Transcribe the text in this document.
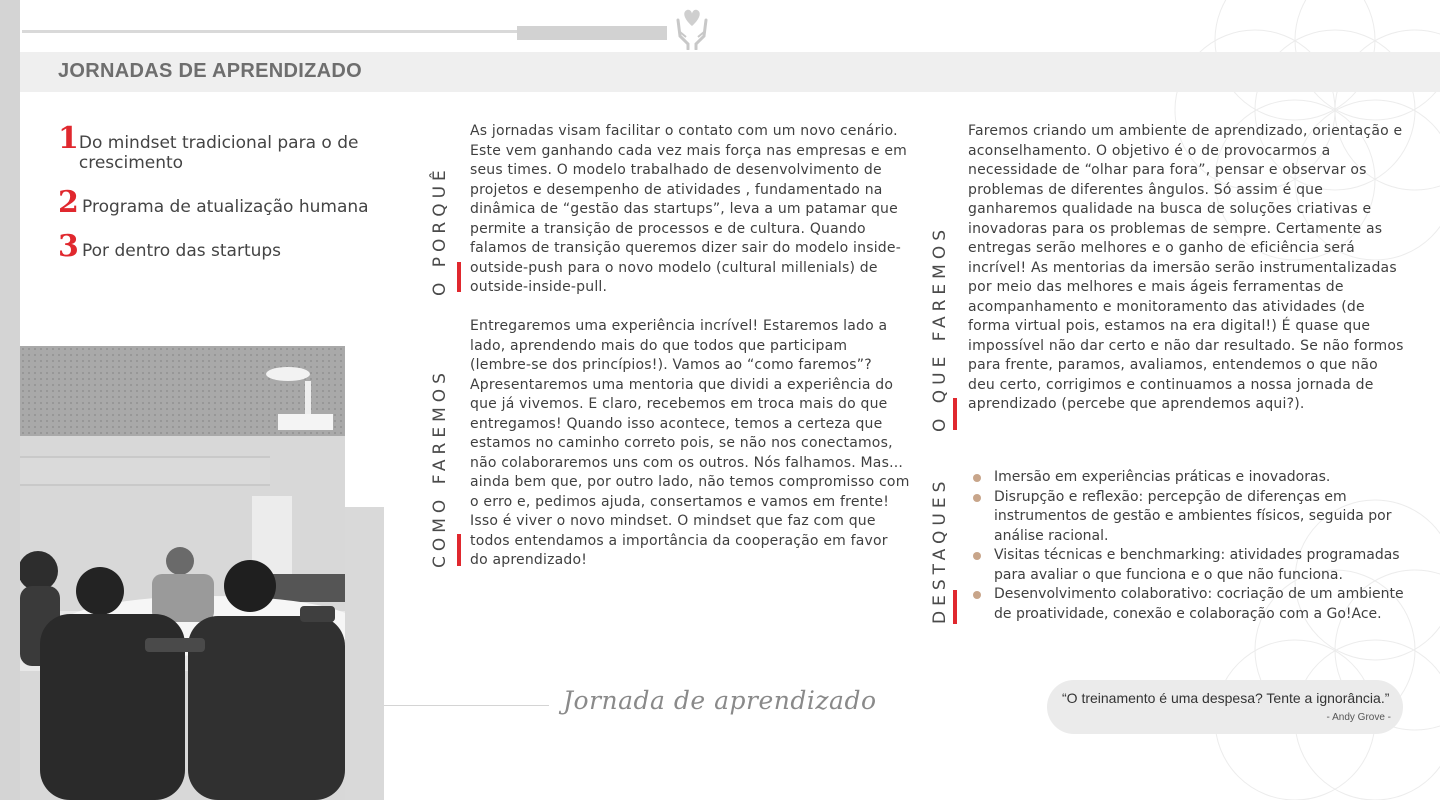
JORNADAS DE APRENDIZADO
1 Do mindset tradicional para o de crescimento
2 Programa de atualização humana
3 Por dentro das startups	O PORQUÊ
As jornadas visam facilitar o contato com um novo cenário. Este vem ganhando cada vez mais força nas empresas e em seus times. O modelo trabalhado de desenvolvimento de projetos e desempenho de atividades , fundamentado na dinâmica de “gestão das startups”, leva a um patamar que permite a transição de processos e de cultura. Quando falamos de transição queremos dizer sair do modelo inside-outside-push para o novo modelo (cultural millenials) de outside-inside-pull.
COMO FAREMOS
Entregaremos uma experiência incrível! Estaremos lado a lado, aprendendo mais do que todos que participam (lembre-se dos princípios!). Vamos ao “como faremos”? Apresentaremos uma mentoria que dividi a experiência do que já vivemos. E claro, recebemos em troca mais do que entregamos! Quando isso acontece, temos a certeza que estamos no caminho correto pois, se não nos conectamos, não colaboraremos uns com os outros. Nós falhamos. Mas... ainda bem que, por outro lado, não temos compromisso com o erro e, pedimos ajuda, consertamos e vamos em frente! Isso é viver o novo mindset. O mindset que faz com que todos entendamos a importância da cooperação em favor do aprendizado!
O QUE FAREMOS
Faremos criando um ambiente de aprendizado, orientação e aconselhamento. O objetivo é o de provocarmos a necessidade de “olhar para fora”, pensar e observar os problemas de diferentes ângulos. Só assim é que ganharemos qualidade na busca de soluções criativas e inovadoras para os problemas de sempre. Certamente as entregas serão melhores e o ganho de eficiência será incrível! As mentorias da imersão serão instrumentalizadas por meio das melhores e mais ágeis ferramentas de acompanhamento e monitoramento das atividades (de forma virtual pois, estamos na era digital!) É quase que impossível não dar certo e não dar resultado. Se não formos para frente, paramos, avaliamos, entendemos o que não deu certo, corrigimos e continuamos a nossa jornada de aprendizado (percebe que aprendemos aqui?).
DESTAQUES	Imersão em experiências práticas e inovadoras.
Disrupção e reflexão: percepção de diferenças em instrumentos de gestão e ambientes físicos, seguida por análise racional.
Visitas técnicas e benchmarking: atividades programadas para avaliar o que funciona e o que não funciona.
Desenvolvimento colaborativo: cocriação de um ambiente de proatividade, conexão e colaboração com a Go!Ace.
Jornada de aprendizado	“O treinamento é uma despesa? Tente a ignorância.”
- Andy Grove -
